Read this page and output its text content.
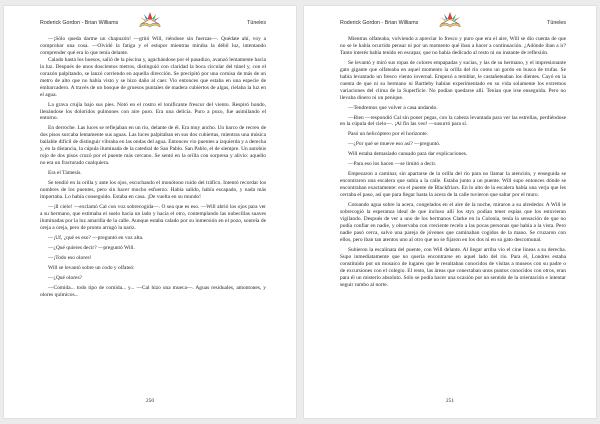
Roderick Gordon - Brian Williams	Túneles

—¡Sólo queda darme un chapuzón! —gritó Will, riéndose sin fuerzas—. Quédate ahí, voy a comprobar una cosa. —Olvidó la fatiga y el estupor mientras miraba la débil luz, intentando comprender qué era lo que tenía delante.

Calado hasta los huesos, salió de la piscina y, agachándose por el pasadizo, avanzó lentamente hacia la luz. Después de unos doscientos metros, distinguió con claridad la boca circular del túnel y, con el corazón palpitando, se lanzó corriendo en aquella dirección. Se precipitó por una cornisa de más de un metro de alto que no había visto y se hizo daño al caer. Vio entonces que estaba en una especie de embarcadero. A través de un bosque de gruesos puntales de madera cubiertos de algas, rielaba la luz en el agua.

La grava crujía bajo sus pies. Notó en el rostro el tonificante frescor del viento. Respiró hondo, llenándose los doloridos pulmones con aire puro. Era una delicia. Puro a pozo, fue asimilando el entorno.

En derroche. Las luces se reflejaban en un río, delante de él. Era muy ancho. Un barco de recreo de dos pisos surcaba lentamente sus aguas. Las luces palpitaban en sus dos cubiertas, mientras una música bailable difícil de distinguir vibraba en las ondas del agua. Entonces vio puentes a izquierda y a derecha y, en la distancia, la cúpula iluminada de la catedral de San Pablo. San Pablo, el de siempre. Un autobús rojo de dos pisos cruzó por el puente más cercano. Se sentó en la orilla con sorpresa y alivio: aquello no era un fracturado cualquiera.

Era el Támesis.

Se tendió en la orilla y ante los ojos, escuchando el monótono ruido del tráfico. Intentó recordar los nombres de los puentes, pero sin hacer mucho esfuerzo. Había salido, había escapado, y nada más importaba. Lo había conseguido. Estaba en casa. ¡De vuelta en su mundo!

—¡Il cielo! —exclamó Cal con voz sobrecogida—. O sea que es eso. —Will abrió los ojos para ver a su hermano, que estimaba el suelo hacia un lado y hacia el otro, contemplando las nubecillas suaves iluminadas por la luz amarilla de la calle. Aunque estaba calado por su inmersión en el pozo, sonreía de oreja a oreja, pero de pronto arrugó la nariz.

—¡Uf, ¿qué es eso? —preguntó en voz alta.

—¿Qué quieres decir? —preguntó Will.

—¡Todo eso olores!

Will se levantó sobre un codo y olfateó:

—¿Qué olores?

—Comida... todo tipo de comida... y... —Cal hizo una mueca—. Aguas residuales, amontones, y olores químicos...

250
Roderick Gordon - Brian Williams	Túneles

Mientras olfateaba, volviendo a apreciar lo fresco y puro que era el aire, Will se dio cuenta de que no se le había ocurrido pensar ni por un momento qué iban a hacer a continuación. ¿Adónde iban a ir? Tanto interés había tenido en escapar, que no había dedicado al resto ni un instante de reflexión.

Se levantó y miró sus ropas de colores empapadas y sucias, y las de su hermano, y el impresionante gato gigante que olfateaba en aquel momento la orilla del río como un gordo en busca de trufas. Se había levantado un fresco viento invernal. Empezó a temblar, le castañeteaban los dientes. Cayó en la cuenta de que ni su hermano ni Bartleby habían experimentado en su vida solamente los extremos variaciones del clima de la Superficie. No podían quedarse allí. Tenían que irse enseguida. Pero no llevaba dinero ni un penique.

—Tendremos que volver a casa andando.

—Bien —respondió Cal sin poner pegas, con la cabeza levantada para ver las estrellas, perdiéndose en la cúpula del cielo—. ¡Al fin las veo! —susurró para sí.

Pasó un helicóptero por el horizonte.

—¿Por qué se mueve eso así? —preguntó.

Will estaba demasiado cansado para dar explicaciones.

—Para eso los hacen —se limitó a decir.

Empezaron a caminar, sin apartarse de la orilla del río para no llamar la atención, y enseguida se encontraron una escalera que subía a la calle. Estaba junto a un puente. Will supo entonces dónde se encontraban exactamente: era el puente de Blackfriars. En lo alto de la escalera había una verja que les cerraba el paso, así que para llegar hasta la acera de la calle tuvieron que saltar por el muro.

Cotoando agua sobre la acera, congelados en el aire de la noche, miraron a su alrededor. A Will le sobrecogió la esperanza ideal de que incluso allí los styx podían tener espías que los estuvieran vigilando. Después de ver a uno de los hermanos Clarke en la Colonia, tenía la sensación de que no podía confiar en nadie, y observaba con creciente recelo a las pocas personas que había a la vista. Pero nadie pasó cerca, salvo una pareja de jóvenes que caminaban cogidos de la mano. Se cruzaron con ellos, pero iban tan atentos uno al otro que no se fijaron en los dos ni en su gato descomunal.

Subieron la escalinata del puente, con Will delante. Al llegar arriba vio el cine lineas a su derecha. Supo inmediatamente que no quería encontrarse en aquel lado del río. Para él, Londres estaba constituido por un mosaico de lugares que le resultaban conocidos de visitas a museos con su padre o de excursiones con el colegio. El resto, las áreas que conectaban unos puntos conocidos con otros, eran para él un misterio absoluto. Sólo se podía hacer una ocasión por un sentido de la orientación e intentar seguir rumbo al norte.

251
